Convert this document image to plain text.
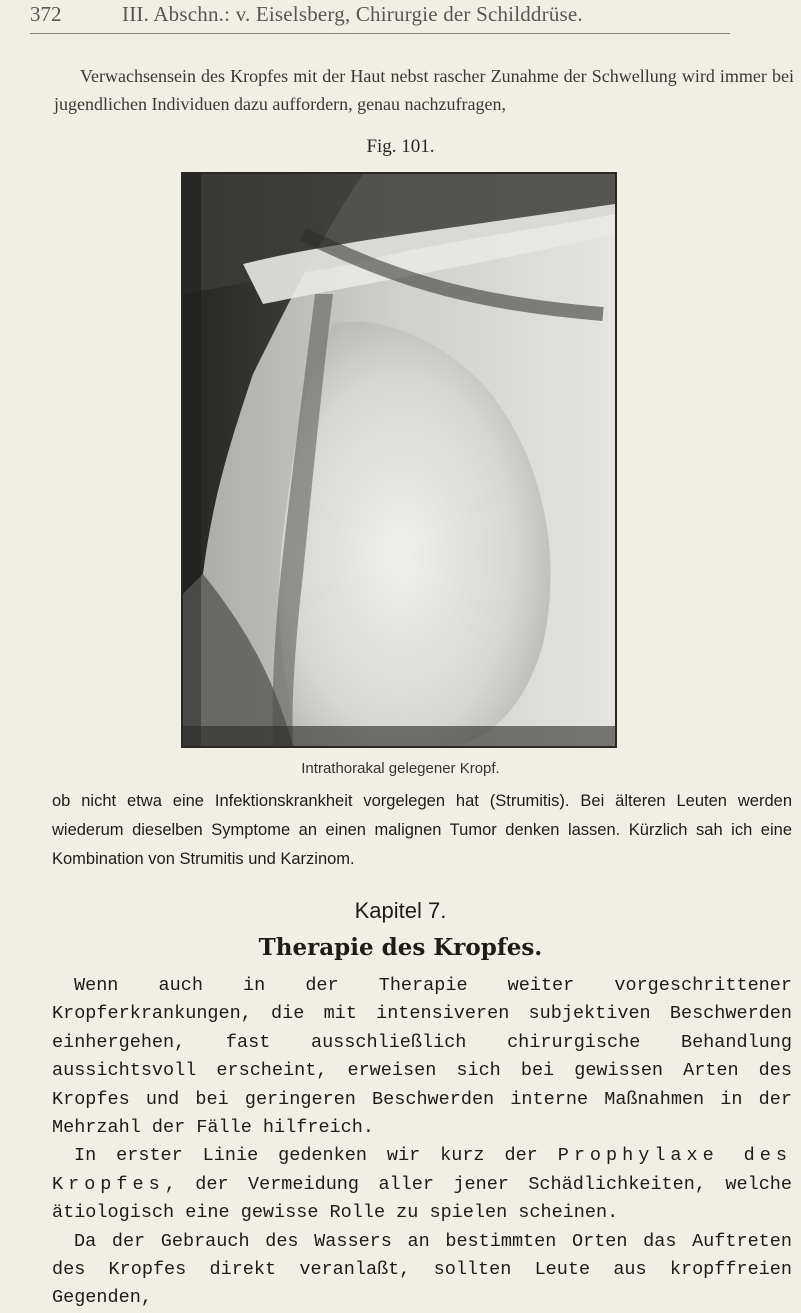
372	III. Abschn.: v. Eiselsberg, Chirurgie der Schilddrüse.
Verwachsensein des Kropfes mit der Haut nebst rascher Zunahme der Schwellung wird immer bei jugendlichen Individuen dazu auffordern, genau nachzufragen,
Fig. 101.
Intrathorakal gelegener Kropf.
ob nicht etwa eine Infektionskrankheit vorgelegen hat (Strumitis). Bei älteren Leuten werden wiederum dieselben Symptome an einen malignen Tumor denken lassen. Kürzlich sah ich eine Kombination von Strumitis und Karzinom.
Kapitel 7.
Therapie des Kropfes.
Wenn auch in der Therapie weiter vorgeschrittener Kropferkrankungen, die mit intensiveren subjektiven Beschwerden einhergehen, fast ausschließlich chirurgische Behandlung aussichtsvoll erscheint, erweisen sich bei gewissen Arten des Kropfes und bei geringeren Beschwerden interne Maßnahmen in der Mehrzahl der Fälle hilfreich.
In erster Linie gedenken wir kurz der Prophylaxe des Kropfes, der Vermeidung aller jener Schädlichkeiten, welche ätiologisch eine gewisse Rolle zu spielen scheinen.
Da der Gebrauch des Wassers an bestimmten Orten das Auftreten des Kropfes direkt veranlaßt, sollten Leute aus kropffreien Gegenden,
